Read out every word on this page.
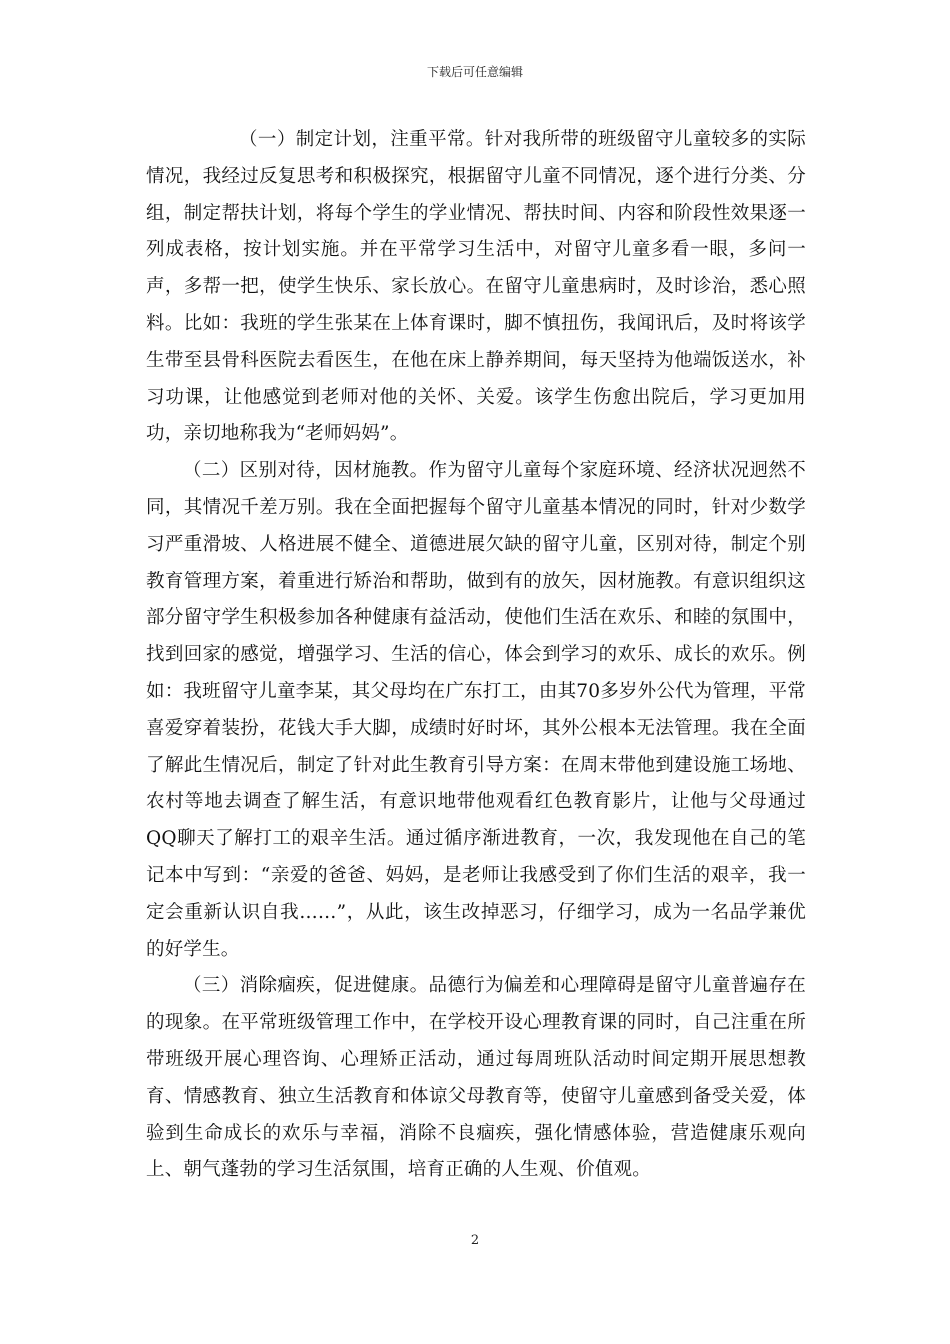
下载后可任意编辑

（一）制定计划，注重平常。针对我所带的班级留守儿童较多的实际情况，我经过反复思考和积极探究，根据留守儿童不同情况，逐个进行分类、分组，制定帮扶计划，将每个学生的学业情况、帮扶时间、内容和阶段性效果逐一列成表格，按计划实施。并在平常学习生活中，对留守儿童多看一眼，多问一声，多帮一把，使学生快乐、家长放心。在留守儿童患病时，及时诊治，悉心照料。比如：我班的学生张某在上体育课时，脚不慎扭伤，我闻讯后，及时将该学生带至县骨科医院去看医生，在他在床上静养期间，每天坚持为他端饭送水，补习功课，让他感觉到老师对他的关怀、关爱。该学生伤愈出院后，学习更加用功，亲切地称我为“老师妈妈”。

（二）区别对待，因材施教。作为留守儿童每个家庭环境、经济状况迥然不同，其情况千差万别。我在全面把握每个留守儿童基本情况的同时，针对少数学习严重滑坡、人格进展不健全、道德进展欠缺的留守儿童，区别对待，制定个别教育管理方案，着重进行矫治和帮助，做到有的放矢，因材施教。有意识组织这部分留守学生积极参加各种健康有益活动，使他们生活在欢乐、和睦的氛围中，找到回家的感觉，增强学习、生活的信心，体会到学习的欢乐、成长的欢乐。例如：我班留守儿童李某，其父母均在广东打工，由其70多岁外公代为管理，平常喜爱穿着装扮，花钱大手大脚，成绩时好时坏，其外公根本无法管理。我在全面了解此生情况后，制定了针对此生教育引导方案：在周末带他到建设施工场地、农村等地去调查了解生活，有意识地带他观看红色教育影片，让他与父母通过QQ聊天了解打工的艰辛生活。通过循序渐进教育，一次，我发现他在自己的笔记本中写到：“亲爱的爸爸、妈妈，是老师让我感受到了你们生活的艰辛，我一定会重新认识自我……”，从此，该生改掉恶习，仔细学习，成为一名品学兼优的好学生。

（三）消除痼疾，促进健康。品德行为偏差和心理障碍是留守儿童普遍存在的现象。在平常班级管理工作中，在学校开设心理教育课的同时，自己注重在所带班级开展心理咨询、心理矫正活动，通过每周班队活动时间定期开展思想教育、情感教育、独立生活教育和体谅父母教育等，使留守儿童感到备受关爱，体验到生命成长的欢乐与幸福，消除不良痼疾，强化情感体验，营造健康乐观向上、朝气蓬勃的学习生活氛围，培育正确的人生观、价值观。

2
